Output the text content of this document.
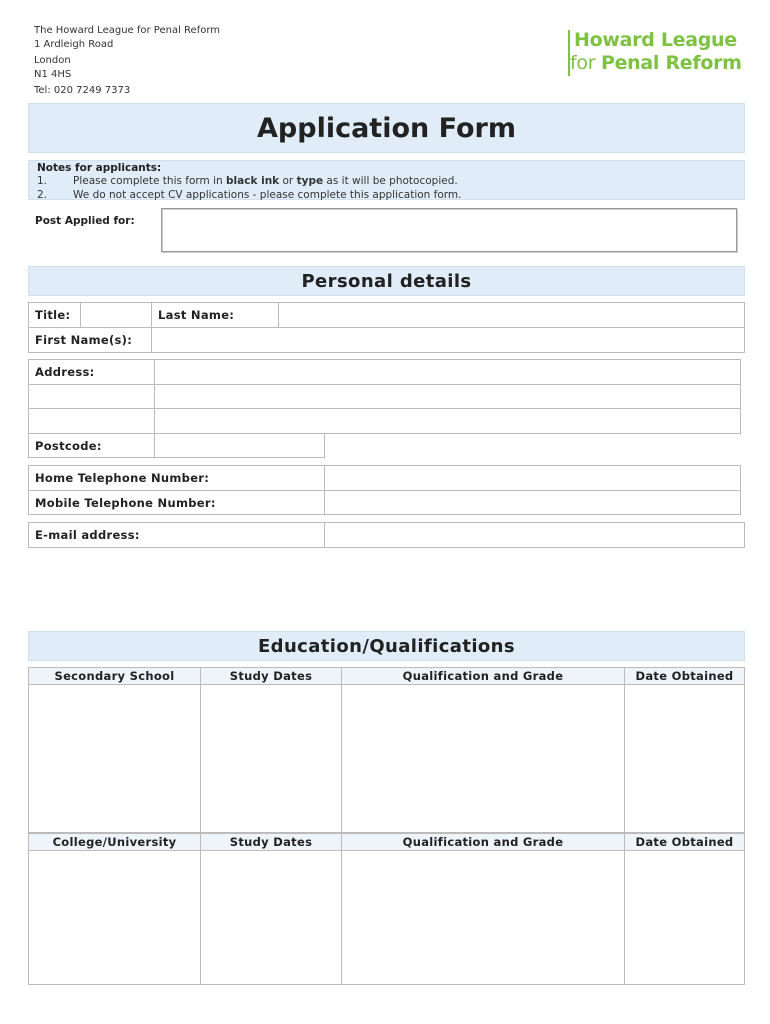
The Howard League for Penal Reform
1 Ardleigh Road
London
N1 4HS
Tel: 020 7249 7373
Howard League
for Penal Reform
Application Form
Notes for applicants:
1.	Please complete this form in black ink or type as it will be photocopied.
2.	We do not accept CV applications - please complete this application form.
Post Applied for:
Personal details
Title:	Last Name:
First Name(s):
Address:
Postcode:
Home Telephone Number:
Mobile Telephone Number:
E-mail address:
Education/Qualifications
Secondary School	Study Dates	Qualification and Grade	Date Obtained
College/University	Study Dates	Qualification and Grade	Date Obtained
